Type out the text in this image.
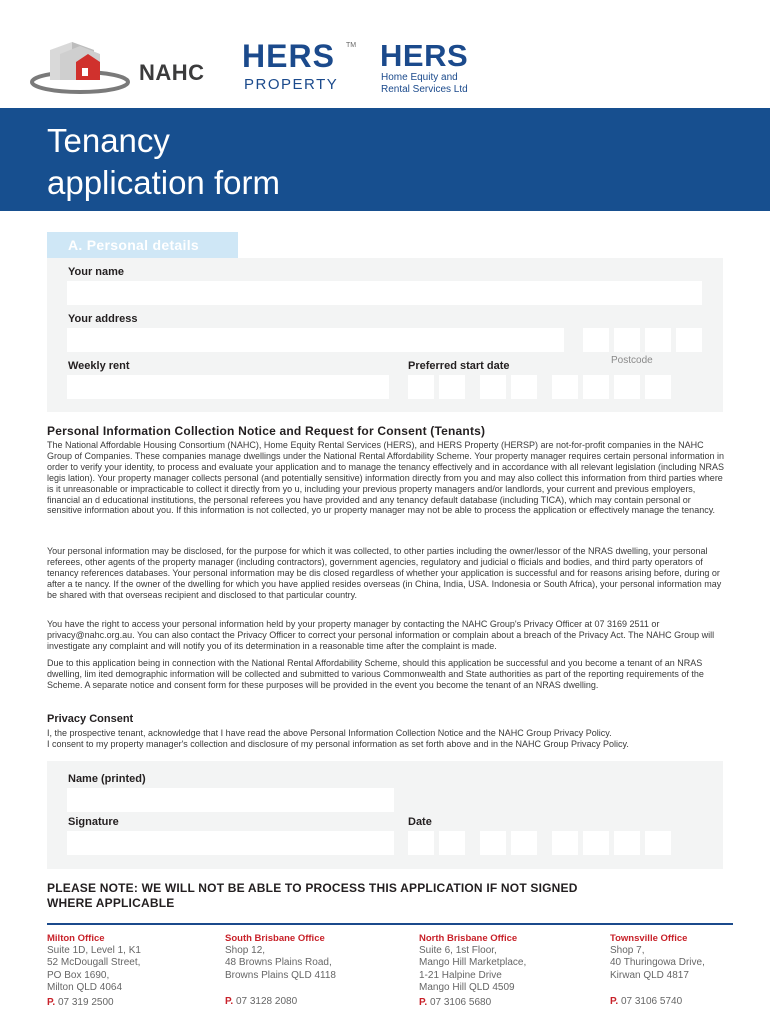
NAHC HERS TM
PROPERTY
HERS
Home Equity and
Rental Services Ltd
Tenancy
application form
A. Personal details
Your name
Your address
Postcode
Weekly rent	Preferred start date
Personal Information Collection Notice and Request for Consent (Tenants)

The National Affordable Housing Consortium (NAHC), Home Equity Rental Services (HERS), and HERS Property (HERSP) are not-for-profit companies in the NAHC Group of Companies. These companies manage dwellings under the National Rental Affordability Scheme. Your property manager requires certain personal information in order to verify your identity, to process and evaluate your application and to manage the tenancy effectively and in accordance with all relevant legislation (including NRAS legis lation). Your property manager collects personal (and potentially sensitive) information directly from you and may also collect this information from third parties where is it unreasonable or impracticable to collect it directly from yo u, including your previous property managers and/or landlords, your current and previous employers, financial an d educational institutions, the personal referees you have provided and any tenancy default database (including TICA), which may contain personal or sensitive information about you. If this information is not collected, yo ur property manager may not be able to process the application or effectively manage the tenancy.

Your personal information may be disclosed, for the purpose for which it was collected, to other parties including the owner/lessor of the NRAS dwelling, your personal referees, other agents of the property manager (including contractors), government agencies, regulatory and judicial o fficials and bodies, and third party operators of tenancy references databases. Your personal information may be dis closed regardless of whether your application is successful and for reasons arising before, during or after a te nancy. If the owner of the dwelling for which you have applied resides overseas (in China, India, USA. Indonesia or South Africa), your personal information may be shared with that overseas recipient and disclosed to that particular country.

You have the right to access your personal information held by your property manager by contacting the NAHC Group's Privacy Officer at 07 3169 2511 or privacy@nahc.org.au. You can also contact the Privacy Officer to correct your personal information or complain about a breach of the Privacy Act. The NAHC Group will investigate any complaint and will notify you of its determination in a reasonable time after the complaint is made.

Due to this application being in connection with the National Rental Affordability Scheme, should this application be successful and you become a tenant of an NRAS dwelling, lim ited demographic information will be collected and submitted to various Commonwealth and State authorities as part of the reporting requirements of the Scheme. A separate notice and consent form for these purposes will be provided in the event you become the tenant of an NRAS dwelling.

Privacy Consent

I, the prospective tenant, acknowledge that I have read the above Personal Information Collection Notice and the NAHC Group Privacy Policy.

I consent to my property manager's collection and disclosure of my personal information as set forth above and in the NAHC Group Privacy Policy.

Name (printed)
Signature	Date
PLEASE NOTE: WE WILL NOT BE ABLE TO PROCESS THIS APPLICATION IF NOT SIGNED
WHERE APPLICABLE
Milton Office
Suite 1D, Level 1, K1
52 McDougall Street,
PO Box 1690,
Milton QLD 4064
P. 07 319 2500
South Brisbane Office
Shop 12,
48 Browns Plains Road,
Browns Plains QLD 4118
P. 07 3128 2080
North Brisbane Office
Suite 6, 1st Floor,
Mango Hill Marketplace,
1-21 Halpine Drive
Mango Hill QLD 4509
P. 07 3106 5680
Townsville Office
Shop 7,
40 Thuringowa Drive,
Kirwan QLD 4817
P. 07 3106 5740
